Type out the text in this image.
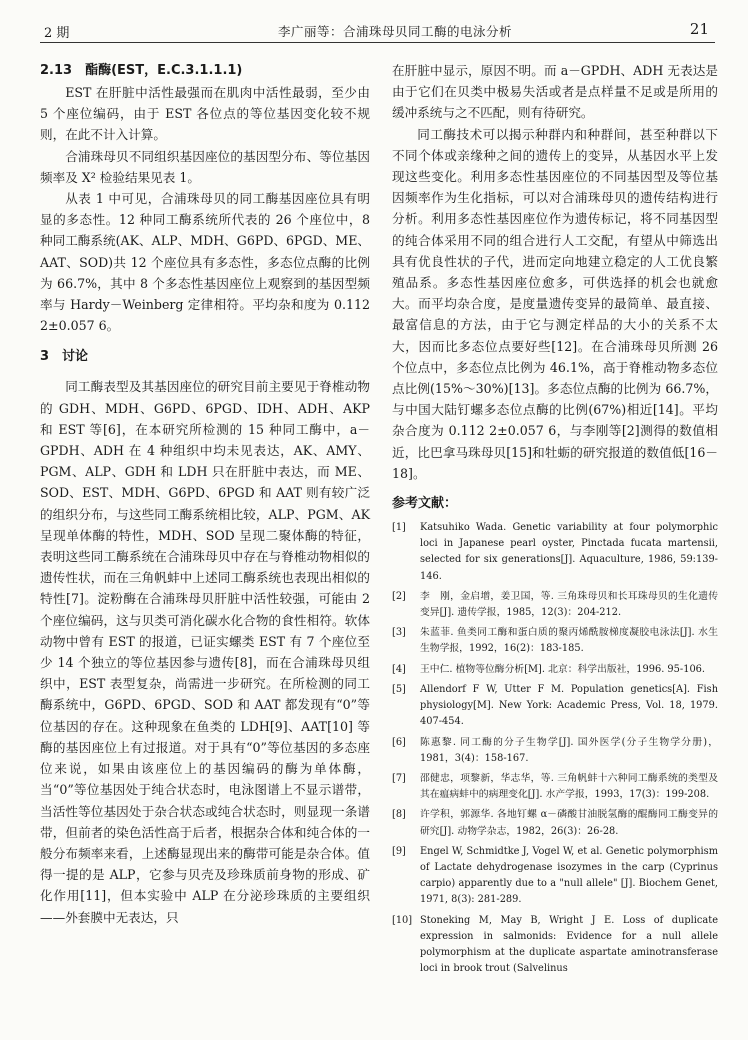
2 期	李广丽等：合浦珠母贝同工酶的电泳分析	21
2.13　酯酶(EST，E.C.3.1.1.1)

EST 在肝脏中活性最强而在肌肉中活性最弱，至少由 5 个座位编码，由于 EST 各位点的等位基因变化较不规则，在此不计入计算。

合浦珠母贝不同组织基因座位的基因型分布、等位基因频率及 X² 检验结果见表 1。

从表 1 中可见，合浦珠母贝的同工酶基因座位具有明显的多态性。12 种同工酶系统所代表的 26 个座位中，8 种同工酶系统(AK、ALP、MDH、G6PD、6PGD、ME、AAT、SOD)共 12 个座位具有多态性，多态位点酶的比例为 66.7%，其中 8 个多态性基因座位上观察到的基因型频率与 Hardy－Weinberg 定律相符。平均杂和度为 0.112 2±0.057 6。

3　讨论

同工酶表型及其基因座位的研究目前主要见于脊椎动物的 GDH、MDH、G6PD、6PGD、IDH、ADH、AKP 和 EST 等[6]，在本研究所检测的 15 种同工酶中，a－GPDH、ADH 在 4 种组织中均未见表达，AK、AMY、PGM、ALP、GDH 和 LDH 只在肝脏中表达，而 ME、SOD、EST、MDH、G6PD、6PGD 和 AAT 则有较广泛的组织分布，与这些同工酶系统相比较，ALP、PGM、AK 呈现单体酶的特性，MDH、SOD 呈现二聚体酶的特征，表明这些同工酶系统在合浦珠母贝中存在与脊椎动物相似的遗传性状，而在三角帆蚌中上述同工酶系统也表现出相似的特性[7]。淀粉酶在合浦珠母贝肝脏中活性较强，可能由 2 个座位编码，这与贝类可消化碳水化合物的食性相符。软体动物中曾有 EST 的报道，已证实螺类 EST 有 7 个座位至少 14 个独立的等位基因参与遗传[8]，而在合浦珠母贝组织中，EST 表型复杂，尚需进一步研究。在所检测的同工酶系统中，G6PD、6PGD、SOD 和 AAT 都发现有“0”等位基因的存在。这种现象在鱼类的 LDH[9]、AAT[10] 等酶的基因座位上有过报道。对于具有“0”等位基因的多态座位来说，如果由该座位上的基因编码的酶为单体酶，当“0”等位基因处于纯合状态时，电泳图谱上不显示谱带，当活性等位基因处于杂合状态或纯合状态时，则显现一条谱带，但前者的染色活性高于后者，根据杂合体和纯合体的一般分布频率来看，上述酶显现出来的酶带可能是杂合体。值得一提的是 ALP，它参与贝壳及珍珠质前身物的形成、矿化作用[11]，但本实验中 ALP 在分泌珍珠质的主要组织——外套膜中无表达，只

在肝脏中显示，原因不明。而 a－GPDH、ADH 无表达是由于它们在贝类中极易失活或者是点样量不足或是所用的缓冲系统与之不匹配，则有待研究。

同工酶技术可以揭示种群内和种群间，甚至种群以下不同个体或亲缘种之间的遗传上的变异，从基因水平上发现这些变化。利用多态性基因座位的不同基因型及等位基因频率作为生化指标，可以对合浦珠母贝的遗传结构进行分析。利用多态性基因座位作为遗传标记，将不同基因型的纯合体采用不同的组合进行人工交配，有望从中筛选出具有优良性状的子代，进而定向地建立稳定的人工优良繁殖品系。多态性基因座位愈多，可供选择的机会也就愈大。而平均杂合度，是度量遗传变异的最简单、最直接、最富信息的方法，由于它与测定样品的大小的关系不太大，因而比多态位点要好些[12]。在合浦珠母贝所测 26 个位点中，多态位点比例为 46.1%，高于脊椎动物多态位点比例(15%～30%)[13]。多态位点酶的比例为 66.7%，与中国大陆钉螺多态位点酶的比例(67%)相近[14]。平均杂合度为 0.112 2±0.057 6，与李刚等[2]测得的数值相近，比巴拿马珠母贝[15]和牡蛎的研究报道的数值低[16－18]。

参考文献：
[1] Katsuhiko Wada. Genetic variability at four polymorphic loci in Japanese pearl oyster, Pinctada fucata martensii, selected for six generations[J]. Aquaculture, 1986, 59:139-146.
[2] 李　刚，金启增，姜卫国，等. 三角珠母贝和长耳珠母贝的生化遗传变异[J]. 遗传学报，1985，12(3)：204-212.
[3] 朱蓝菲. 鱼类同工酶和蛋白质的聚丙烯酰胺梯度凝胶电泳法[J]. 水生生物学报，1992，16(2)：183-185.
[4] 王中仁. 植物等位酶分析[M]. 北京：科学出版社，1996. 95-106.
[5] Allendorf F W, Utter F M. Population genetics[A]. Fish physiology[M]. New York: Academic Press, Vol. 18, 1979. 407-454.
[6] 陈惠黎. 同工酶的分子生物学[J]. 国外医学(分子生物学分册)，1981，3(4)：158-167.
[7] 邵健忠，项黎新，华志华，等. 三角帆蚌十六种同工酶系统的类型及其在瘟病蚌中的病理变化[J]. 水产学报，1993，17(3)：199-208.
[8] 许学积，郭源华. 各地钉螺 α－磷酸甘油脱氢酶的醌酶同工酶变异的研究[J]. 动物学杂志，1982，26(3)：26-28.
[9] Engel W, Schmidtke J, Vogel W, et al. Genetic polymorphism of Lactate dehydrogenase isozymes in the carp (Cyprinus carpio) apparently due to a "null allele" [J]. Biochem Genet, 1971, 8(3): 281-289.
[10] Stoneking M, May B, Wright J E. Loss of duplicate expression in salmonids: Evidence for a null allele polymorphism at the duplicate aspartate aminotransferase loci in brook trout (Salvelinus
